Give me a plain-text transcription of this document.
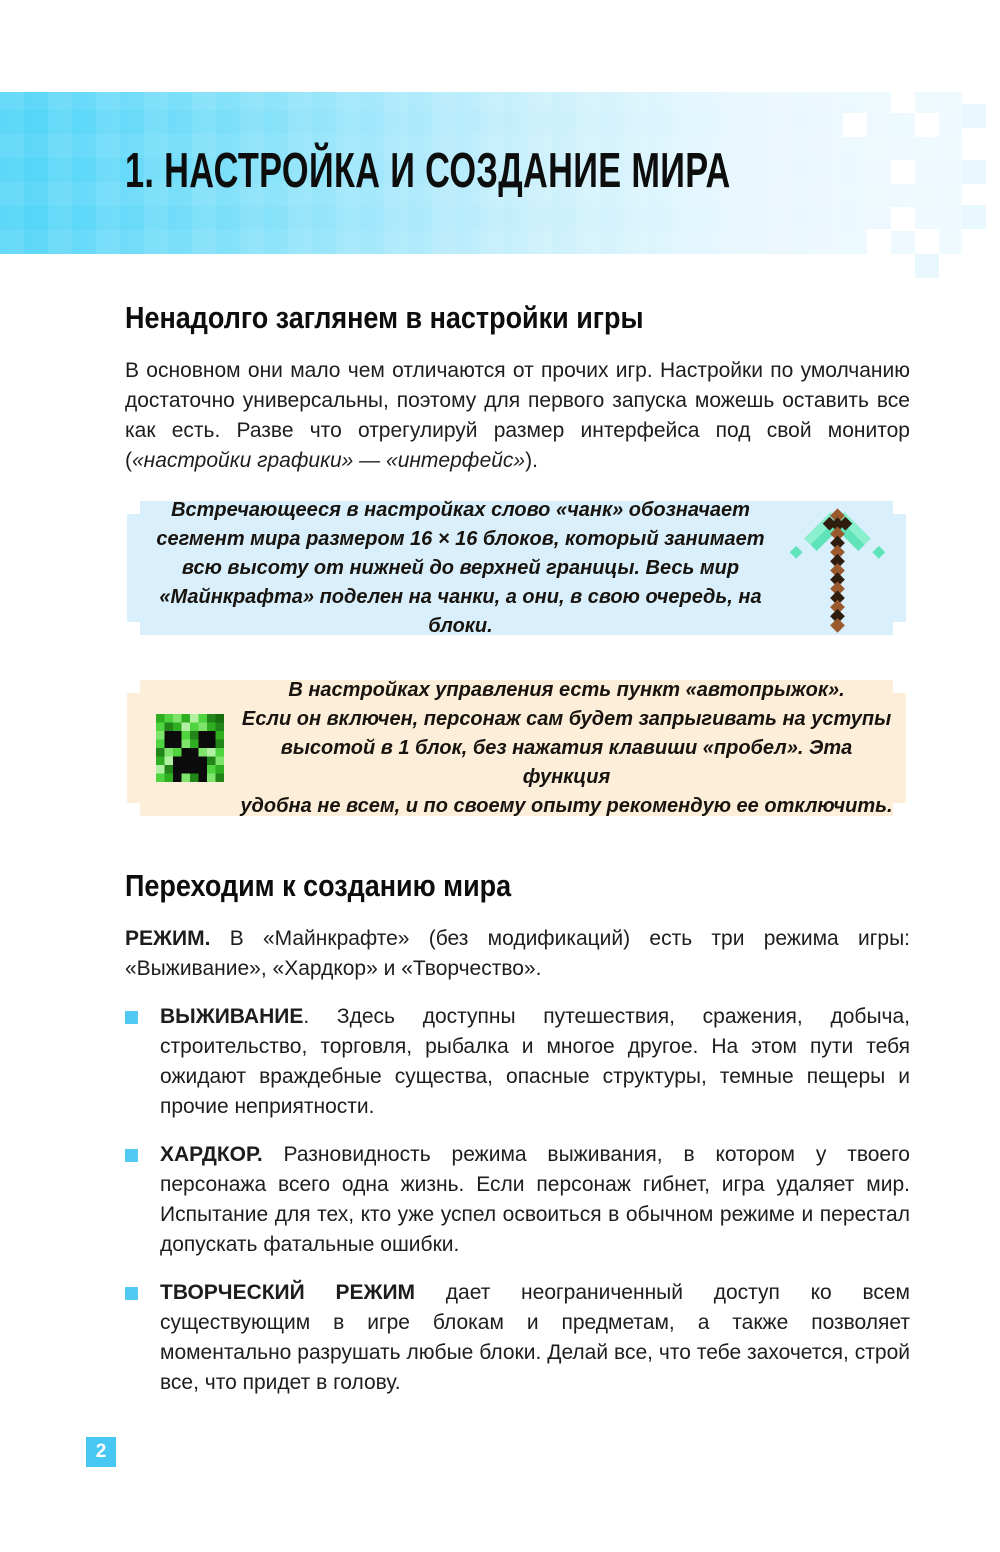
1. НАСТРОЙКА И СОЗДАНИЕ МИРА
Ненадолго заглянем в настройки игры

В основном они мало чем отличаются от прочих игр. Настройки по умолчанию достаточно универсальны, поэтому для первого запуска можешь оставить все как есть. Разве что отрегулируй размер интерфейса под свой монитор («настройки графики» — «интерфейс»).

Встречающееся в настройках слово «чанк» обозначает
сегмент мира размером 16 × 16 блоков, который занимает
всю высоту от нижней до верхней границы. Весь мир
«Майнкрафта» поделен на чанки, а они, в свою очередь, на блоки.
В настройках управления есть пункт «автопрыжок».
Если он включен, персонаж сам будет запрыгивать на уступы
высотой в 1 блок, без нажатия клавиши «пробел». Эта функция
удобна не всем, и по своему опыту рекомендую ее отключить.
Переходим к созданию мира

РЕЖИМ. В «Майнкрафте» (без модификаций) есть три режима игры: «Выживание», «Хардкор» и «Творчество».

ВЫЖИВАНИЕ. Здесь доступны путешествия, сражения, добыча, строительство, торговля, рыбалка и многое другое. На этом пути тебя ожидают враждебные существа, опасные структуры, темные пещеры и прочие неприятности.

ХАРДКОР. Разновидность режима выживания, в котором у твоего персонажа всего одна жизнь. Если персонаж гибнет, игра удаляет мир. Испытание для тех, кто уже успел освоиться в обычном режиме и перестал допускать фатальные ошибки.

ТВОРЧЕСКИЙ РЕЖИМ дает неограниченный доступ ко всем существующим в игре блокам и предметам, а также позволяет моментально разрушать любые блоки. Делай все, что тебе захочется, строй все, что придет в голову.

2
